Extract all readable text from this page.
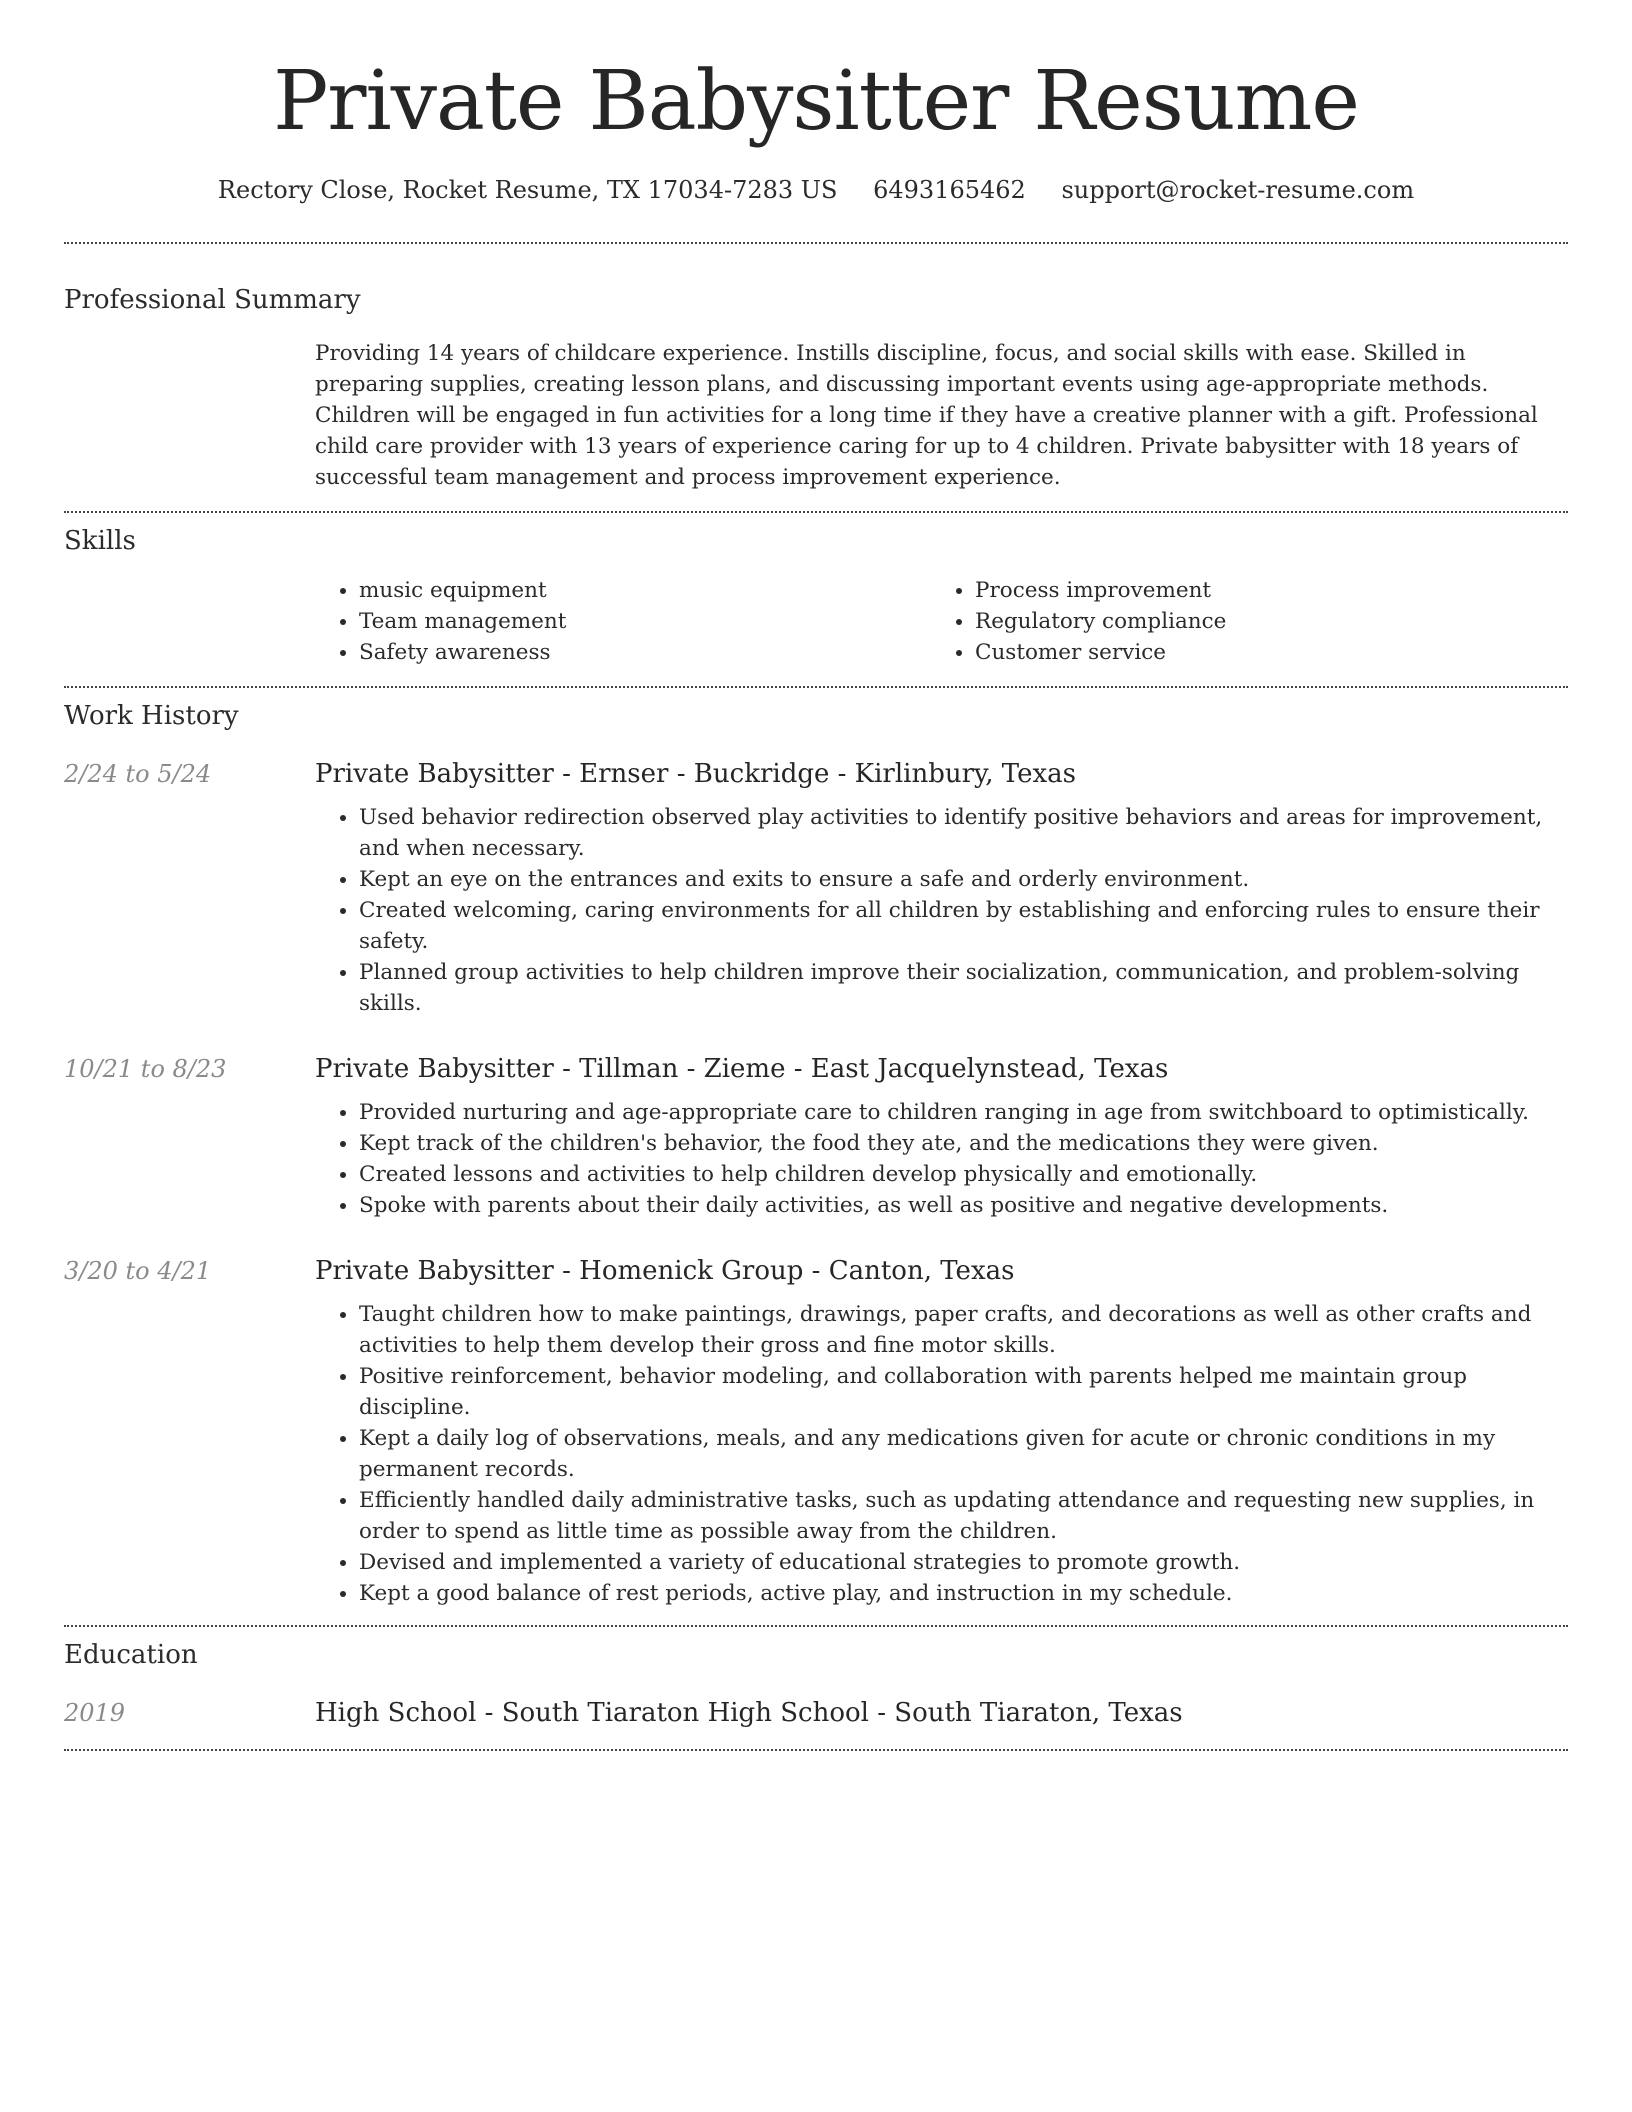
Private Babysitter Resume
Rectory Close, Rocket Resume, TX 17034-7283 US 6493165462 support@rocket-resume.com
Professional Summary
Providing 14 years of childcare experience. Instills discipline, focus, and social skills with ease. Skilled in preparing supplies, creating lesson plans, and discussing important events using age-appropriate methods. Children will be engaged in fun activities for a long time if they have a creative planner with a gift. Professional child care provider with 13 years of experience caring for up to 4 children. Private babysitter with 18 years of successful team management and process improvement experience.
Skills
• music equipment
• Team management
• Safety awareness
• Process improvement
• Regulatory compliance
• Customer service
Work History
2/24 to 5/24	Private Babysitter - Ernser - Buckridge - Kirlinbury, Texas
• Used behavior redirection observed play activities to identify positive behaviors and areas for improvement, and when necessary.
• Kept an eye on the entrances and exits to ensure a safe and orderly environment.
• Created welcoming, caring environments for all children by establishing and enforcing rules to ensure their safety.
• Planned group activities to help children improve their socialization, communication, and problem-solving skills.
10/21 to 8/23	Private Babysitter - Tillman - Zieme - East Jacquelynstead, Texas
• Provided nurturing and age-appropriate care to children ranging in age from switchboard to optimistically.
• Kept track of the children's behavior, the food they ate, and the medications they were given.
• Created lessons and activities to help children develop physically and emotionally.
• Spoke with parents about their daily activities, as well as positive and negative developments.
3/20 to 4/21	Private Babysitter - Homenick Group - Canton, Texas
• Taught children how to make paintings, drawings, paper crafts, and decorations as well as other crafts and activities to help them develop their gross and fine motor skills.
• Positive reinforcement, behavior modeling, and collaboration with parents helped me maintain group discipline.
• Kept a daily log of observations, meals, and any medications given for acute or chronic conditions in my permanent records.
• Efficiently handled daily administrative tasks, such as updating attendance and requesting new supplies, in order to spend as little time as possible away from the children.
• Devised and implemented a variety of educational strategies to promote growth.
• Kept a good balance of rest periods, active play, and instruction in my schedule.
Education
2019	High School - South Tiaraton High School - South Tiaraton, Texas
